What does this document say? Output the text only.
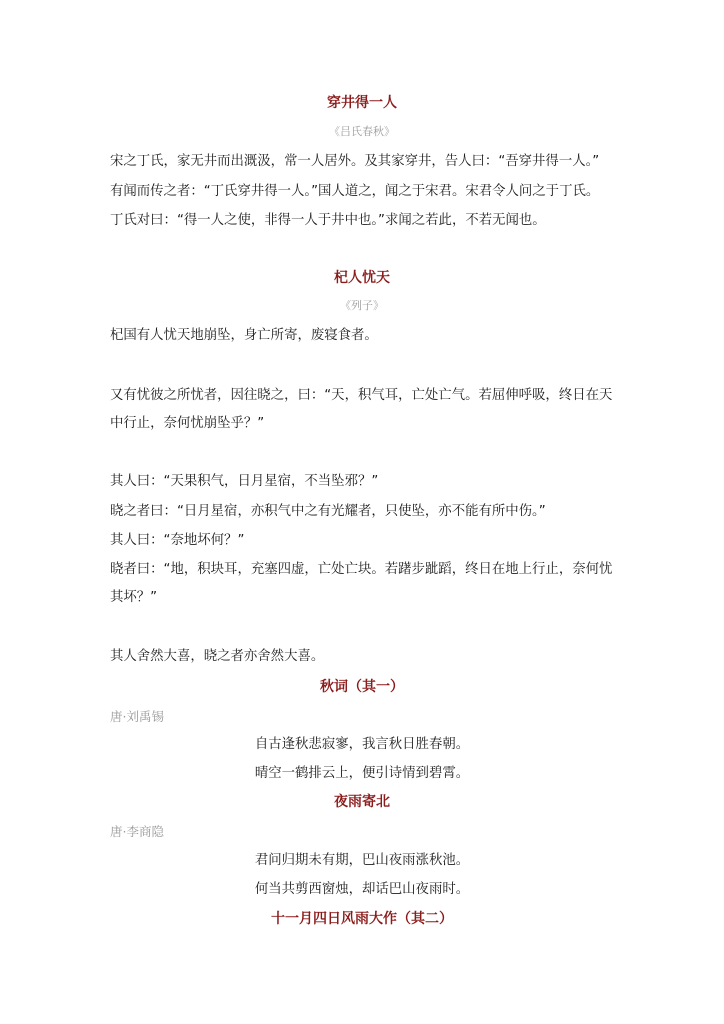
穿井得一人
《吕氏春秋》
宋之丁氏，家无井而出溉汲，常一人居外。及其家穿井，告人曰：“吾穿井得一人。”
有闻而传之者：“丁氏穿井得一人。”国人道之，闻之于宋君。宋君令人问之于丁氏。
丁氏对曰：“得一人之使，非得一人于井中也。”求闻之若此，不若无闻也。
杞人忧天
《列子》
杞国有人忧天地崩坠，身亡所寄，废寝食者。
又有忧彼之所忧者，因往晓之，曰：“天，积气耳，亡处亡气。若屈伸呼吸，终日在天
中行止，奈何忧崩坠乎？”
其人曰：“天果积气，日月星宿，不当坠邪？”
晓之者曰：“日月星宿，亦积气中之有光耀者，只使坠，亦不能有所中伤。”
其人曰：“奈地坏何？”
晓者曰：“地，积块耳，充塞四虚，亡处亡块。若躇步跐蹈，终日在地上行止，奈何忧
其坏？”
其人舍然大喜，晓之者亦舍然大喜。
秋词（其一）
唐·刘禹锡
自古逢秋悲寂寥，我言秋日胜春朝。
晴空一鹤排云上，便引诗情到碧霄。
夜雨寄北
唐·李商隐
君问归期未有期，巴山夜雨涨秋池。
何当共剪西窗烛，却话巴山夜雨时。
十一月四日风雨大作（其二）
